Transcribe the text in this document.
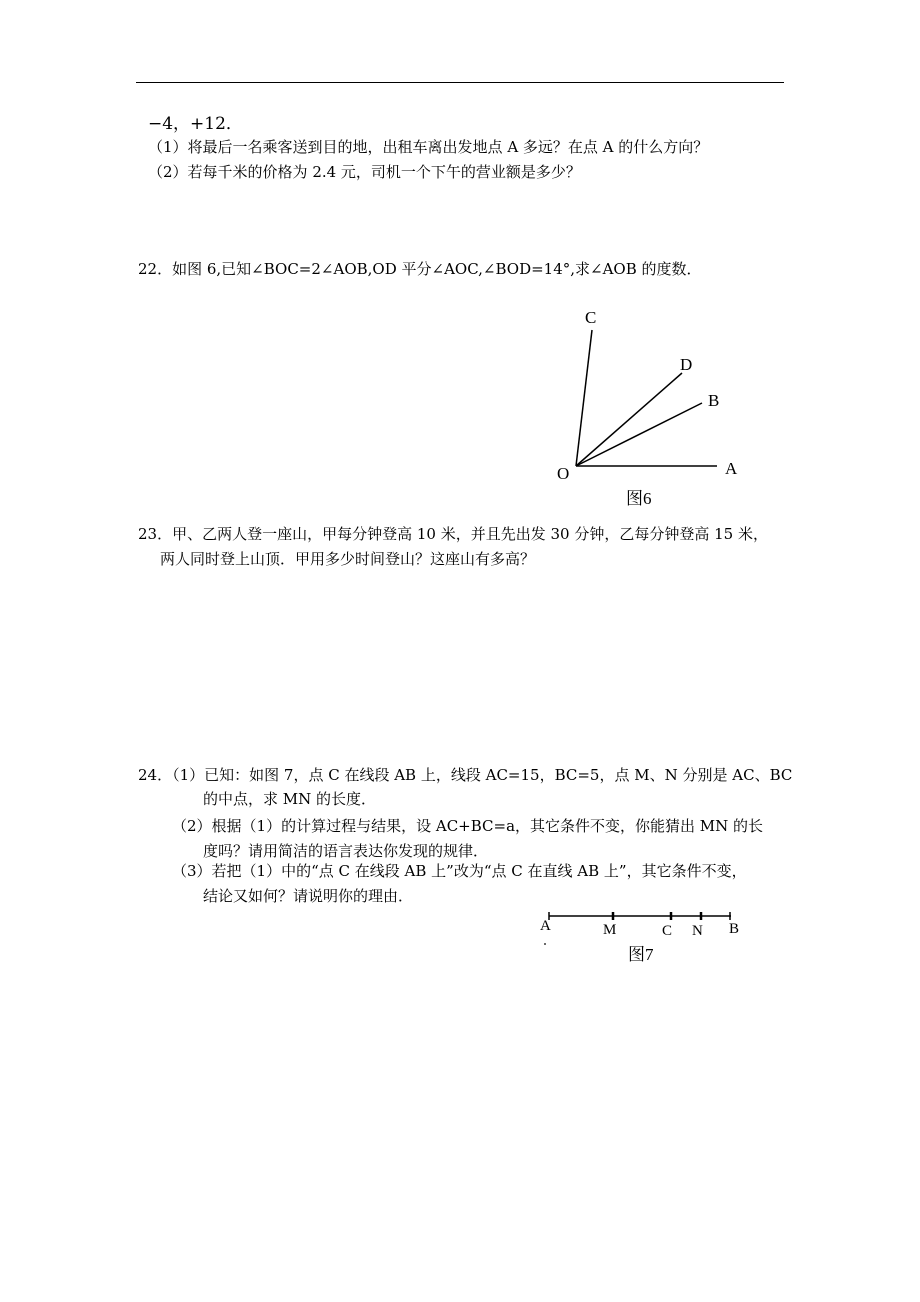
−4，+12．
（1）将最后一名乘客送到目的地，出租车离出发地点 A 多远？在点 A 的什么方向？
（2）若每千米的价格为 2.4 元，司机一个下午的营业额是多少？
22．如图 6,已知∠BOC=2∠AOB,OD 平分∠AOC,∠BOD=14°,求∠AOB 的度数．
C
D
B
O	A
图6
A	M	C N B
图7
23．甲、乙两人登一座山，甲每分钟登高 10 米，并且先出发 30 分钟，乙每分钟登高 15 米，
两人同时登上山顶．甲用多少时间登山？这座山有多高？
24．（1）已知：如图 7，点 C 在线段 AB 上，线段 AC=15，BC=5，点 M、N 分别是 AC、BC
的中点，求 MN 的长度．
（2）根据（1）的计算过程与结果，设 AC+BC=a，其它条件不变，你能猜出 MN 的长
度吗？请用简洁的语言表达你发现的规律．
（3）若把（1）中的“点 C 在线段 AB 上”改为“点 C 在直线 AB 上”，其它条件不变，
结论又如何？请说明你的理由．
